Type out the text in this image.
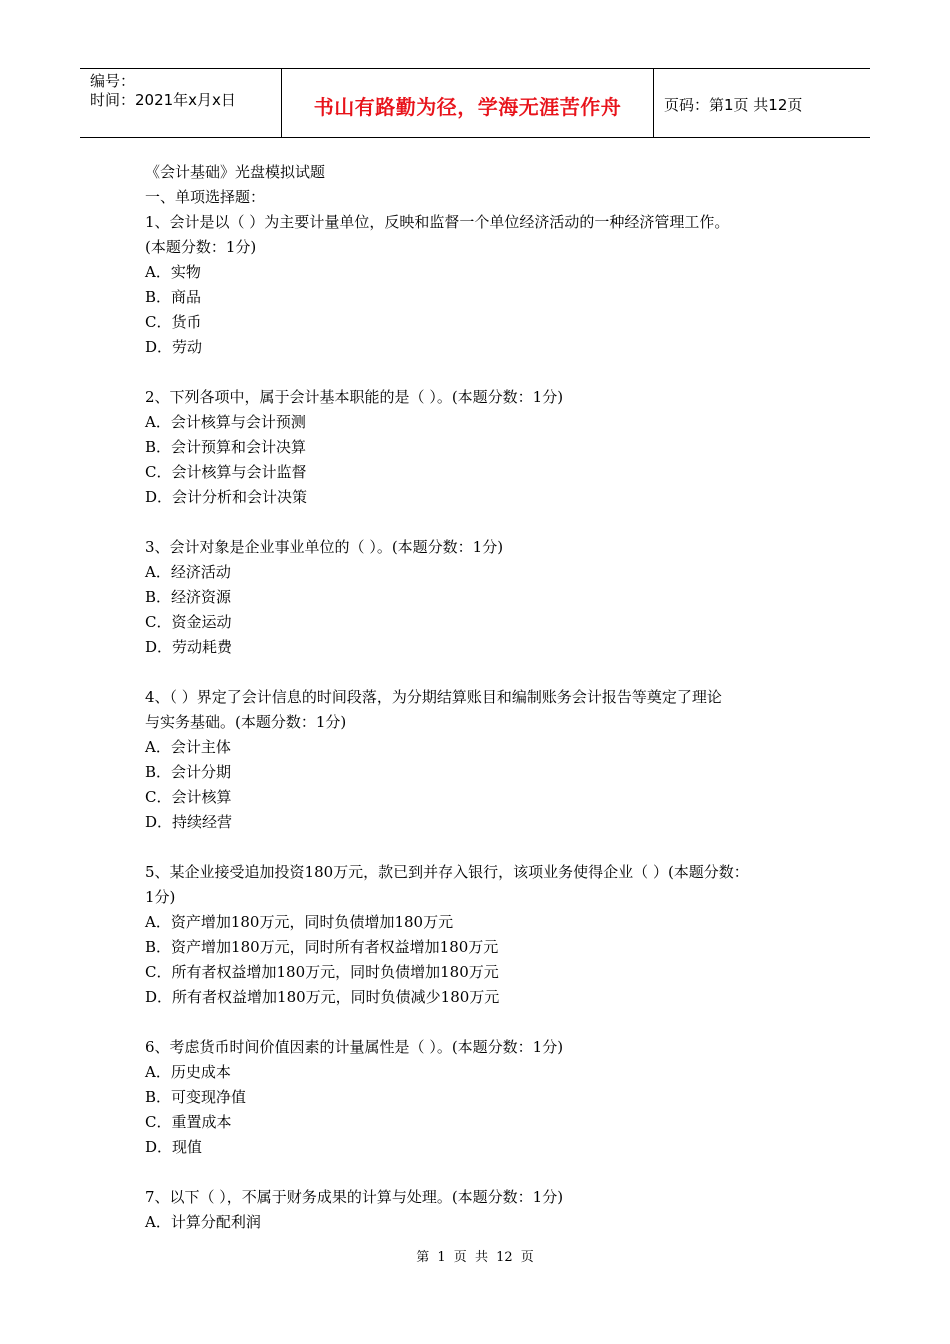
编号：
时间：2021年x月x日	书山有路勤为径，学海无涯苦作舟	页码：第1页 共12页
《会计基础》光盘模拟试题
一、单项选择题：
1、会计是以（ ）为主要计量单位，反映和监督一个单位经济活动的一种经济管理工作。
(本题分数：1分)
A．实物
B．商品
C．货币
D．劳动
2、下列各项中，属于会计基本职能的是（ ）。(本题分数：1分)
A．会计核算与会计预测
B．会计预算和会计决算
C．会计核算与会计监督
D．会计分析和会计决策
3、会计对象是企业事业单位的（ ）。(本题分数：1分)
A．经济活动
B．经济资源
C．资金运动
D．劳动耗费
4、（ ）界定了会计信息的时间段落，为分期结算账目和编制账务会计报告等奠定了理论
与实务基础。(本题分数：1分)
A．会计主体
B．会计分期
C．会计核算
D．持续经营
5、某企业接受追加投资180万元，款已到并存入银行，该项业务使得企业（ ）(本题分数：
1分)
A．资产增加180万元，同时负债增加180万元
B．资产增加180万元，同时所有者权益增加180万元
C．所有者权益增加180万元，同时负债增加180万元
D．所有者权益增加180万元，同时负债减少180万元
6、考虑货币时间价值因素的计量属性是（ ）。(本题分数：1分)
A．历史成本
B．可变现净值
C．重置成本
D．现值
7、以下（ ），不属于财务成果的计算与处理。(本题分数：1分)
A．计算分配利润
第 1 页 共 12 页
